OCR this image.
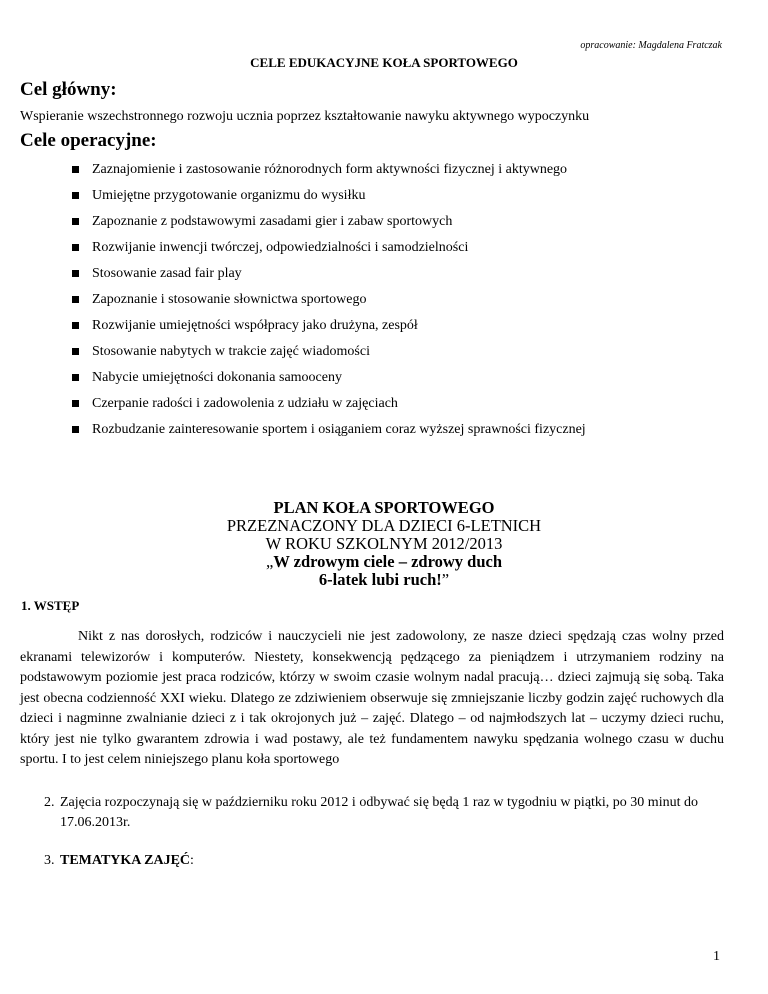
opracowanie: Magdalena Fratczak
CELE EDUKACYJNE KOŁA SPORTOWEGO
Cel główny:
Wspieranie wszechstronnego rozwoju ucznia poprzez kształtowanie nawyku aktywnego wypoczynku
Cele operacyjne:
Zaznajomienie i zastosowanie różnorodnych form aktywności fizycznej i aktywnego
Umiejętne przygotowanie organizmu do wysiłku
Zapoznanie z podstawowymi zasadami gier i zabaw sportowych
Rozwijanie inwencji twórczej, odpowiedzialności i samodzielności
Stosowanie zasad fair play
Zapoznanie i stosowanie słownictwa sportowego
Rozwijanie umiejętności współpracy jako drużyna, zespół
Stosowanie nabytych w trakcie zajęć wiadomości
Nabycie umiejętności dokonania samooceny
Czerpanie radości i zadowolenia z udziału w zajęciach
Rozbudzanie zainteresowanie sportem i osiąganiem coraz wyższej sprawności fizycznej
PLAN KOŁA SPORTOWEGO
PRZEZNACZONY DLA DZIECI 6-LETNICH
W ROKU SZKOLNYM 2012/2013
„W zdrowym ciele – zdrowy duch
6-latek lubi ruch!”
1. WSTĘP

Nikt z nas dorosłych, rodziców i nauczycieli nie jest zadowolony, ze nasze dzieci spędzają czas wolny przed ekranami telewizorów i komputerów. Niestety, konsekwencją pędzącego za pieniądzem i utrzymaniem rodziny na podstawowym poziomie jest praca rodziców, którzy w swoim czasie wolnym nadal pracują… dzieci zajmują się sobą. Taka jest obecna codzienność XXI wieku. Dlatego ze zdziwieniem obserwuje się zmniejszanie liczby godzin zajęć ruchowych dla dzieci i nagminne zwalnianie dzieci z i tak okrojonych już – zajęć. Dlatego – od najmłodszych lat – uczymy dzieci ruchu, który jest nie tylko gwarantem zdrowia i wad postawy, ale też fundamentem nawyku spędzania wolnego czasu w duchu sportu. I to jest celem niniejszego planu koła sportowego

2. Zajęcia rozpoczynają się w październiku roku 2012 i odbywać się będą 1 raz w tygodniu w piątki, po 30 minut do 17.06.2013r.
3. TEMATYKA ZAJĘĆ:
1
